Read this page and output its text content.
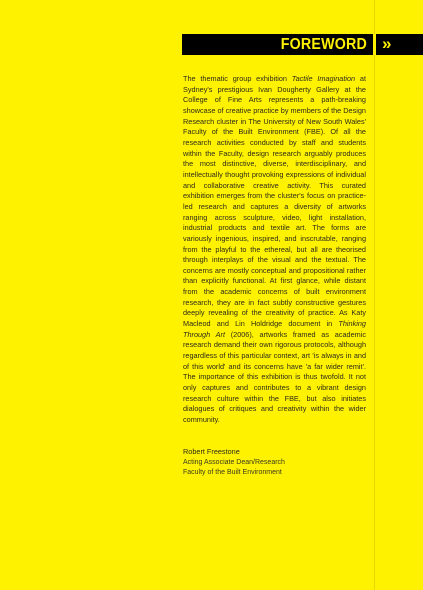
FOREWORD »

The thematic group exhibition Tactile Imagination at Sydney's prestigious Ivan Dougherty Gallery at the College of Fine Arts represents a path-breaking showcase of creative practice by members of the Design Research cluster in The University of New South Wales' Faculty of the Built Environment (FBE). Of all the research activities conducted by staff and students within the Faculty, design research arguably produces the most distinctive, diverse, interdisciplinary, and intellectually thought provoking expressions of individual and collaborative creative activity. This curated exhibition emerges from the cluster's focus on practice-led research and captures a diversity of artworks ranging across sculpture, video, light installation, industrial products and textile art. The forms are variously ingenious, inspired, and inscrutable, ranging from the playful to the ethereal, but all are theorised through interplays of the visual and the textual. The concerns are mostly conceptual and propositional rather than explicitly functional. At first glance, while distant from the academic concerns of built environment research, they are in fact subtly constructive gestures deeply revealing of the creativity of practice. As Katy Macleod and Lin Holdridge document in Thinking Through Art (2006), artworks framed as academic research demand their own rigorous protocols, although regardless of this particular context, art 'is always in and of this world' and its concerns have 'a far wider remit'. The importance of this exhibition is thus twofold. It not only captures and contributes to a vibrant design research culture within the FBE, but also initiates dialogues of critiques and creativity within the wider community.

Robert Freestone
Acting Associate Dean/Research
Faculty of the Built Environment
